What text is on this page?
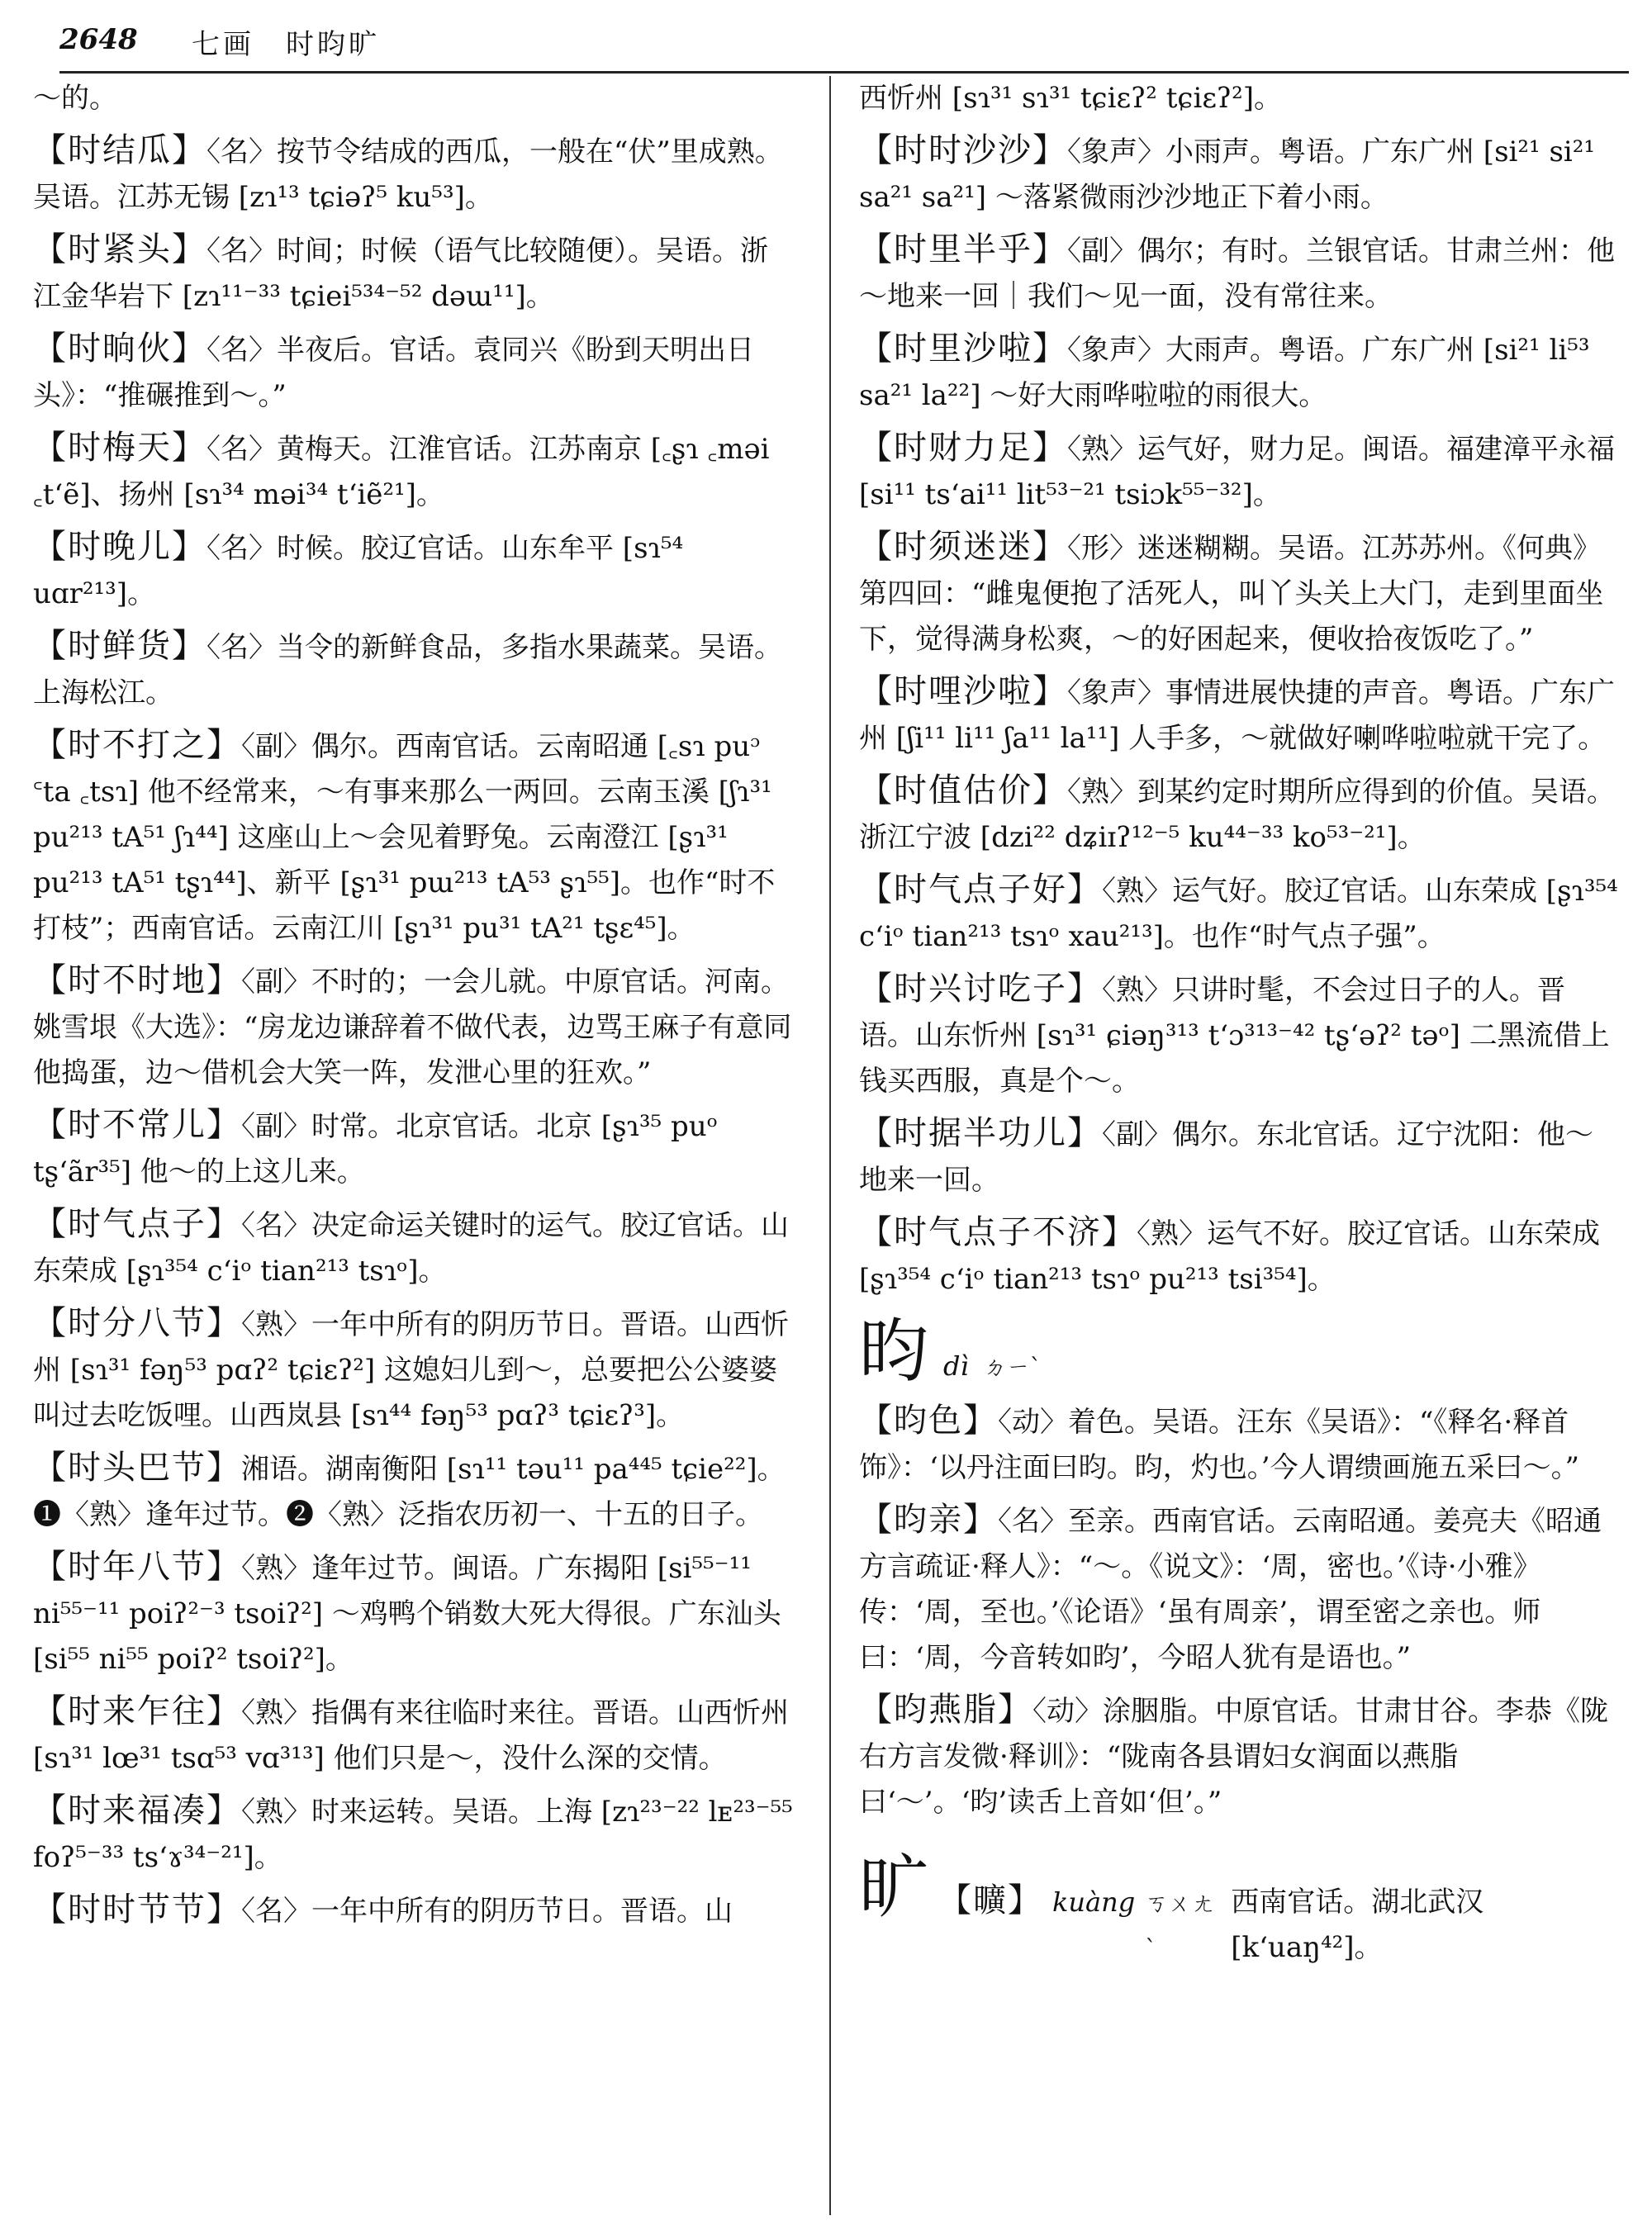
2648 七画　时昀旷
～的。
【时结瓜】〈名〉按节令结成的西瓜，一般在“伏”里成熟。吴语。江苏无锡 [zɿ¹³ tɕiəʔ⁵ ku⁵³]。
【时紧头】〈名〉时间；时候（语气比较随便）。吴语。浙江金华岩下 [zɿ¹¹⁻³³ tɕiei⁵³⁴⁻⁵² dəɯ¹¹]。
【时晌伙】〈名〉半夜后。官话。袁同兴《盼到天明出日头》：“推碾推到～。”
【时梅天】〈名〉黄梅天。江淮官话。江苏南京 [꜀ʂɿ ꜀məi ꜀tʻẽ]、扬州 [sɿ³⁴ məi³⁴ tʻiẽ²¹]。
【时晚儿】〈名〉时候。胶辽官话。山东牟平 [sɿ⁵⁴ uɑr²¹³]。
【时鲜货】〈名〉当令的新鲜食品，多指水果蔬菜。吴语。上海松江。
【时不打之】〈副〉偶尔。西南官话。云南昭通 [꜀sɿ puᵓ ꜂ta ꜀tsɿ] 他不经常来，～有事来那么一两回。云南玉溪 [ʃɿ³¹ pu²¹³ tA⁵¹ ʃɿ⁴⁴] 这座山上～会见着野兔。云南澄江 [ʂɿ³¹ pu²¹³ tA⁵¹ tʂɿ⁴⁴]、新平 [ʂɿ³¹ pɯ²¹³ tA⁵³ ʂɿ⁵⁵]。也作“时不打枝”；西南官话。云南江川 [ʂɿ³¹ pu³¹ tA²¹ tʂɛ⁴⁵]。
【时不时地】〈副〉不时的；一会儿就。中原官话。河南。姚雪垠《大选》：“房龙边谦辞着不做代表，边骂王麻子有意同他捣蛋，边～借机会大笑一阵，发泄心里的狂欢。”
【时不常儿】〈副〉时常。北京官话。北京 [ʂɿ³⁵ puᵒ tʂʻãr³⁵] 他～的上这儿来。
【时气点子】〈名〉决定命运关键时的运气。胶辽官话。山东荣成 [ʂɿ³⁵⁴ cʻiᵒ tian²¹³ tsɿᵒ]。
【时分八节】〈熟〉一年中所有的阴历节日。晋语。山西忻州 [sɿ³¹ fəŋ⁵³ pɑʔ² tɕiɛʔ²] 这媳妇儿到～，总要把公公婆婆叫过去吃饭哩。山西岚县 [sɿ⁴⁴ fəŋ⁵³ pɑʔ³ tɕiɛʔ³]。
【时头巴节】湘语。湖南衡阳 [sɿ¹¹ təu¹¹ pa⁴⁴⁵ tɕie²²]。❶〈熟〉逢年过节。❷〈熟〉泛指农历初一、十五的日子。
【时年八节】〈熟〉逢年过节。闽语。广东揭阳 [si⁵⁵⁻¹¹ ni⁵⁵⁻¹¹ poiʔ²⁻³ tsoiʔ²] ～鸡鸭个销数大死大得很。广东汕头 [si⁵⁵ ni⁵⁵ poiʔ² tsoiʔ²]。
【时来乍往】〈熟〉指偶有来往临时来往。晋语。山西忻州 [sɿ³¹ lœ³¹ tsɑ⁵³ vɑ³¹³] 他们只是～，没什么深的交情。
【时来福凑】〈熟〉时来运转。吴语。上海 [zɿ²³⁻²² lᴇ²³⁻⁵⁵ foʔ⁵⁻³³ tsʻɤ³⁴⁻²¹]。
【时时节节】〈名〉一年中所有的阴历节日。晋语。山
西忻州 [sɿ³¹ sɿ³¹ tɕiɛʔ² tɕiɛʔ²]。
【时时沙沙】〈象声〉小雨声。粤语。广东广州 [si²¹ si²¹ sa²¹ sa²¹] ～落紧微雨沙沙地正下着小雨。
【时里半乎】〈副〉偶尔；有时。兰银官话。甘肃兰州：他～地来一回｜我们～见一面，没有常往来。
【时里沙啦】〈象声〉大雨声。粤语。广东广州 [si²¹ li⁵³ sa²¹ la²²] ～好大雨哗啦啦的雨很大。
【时财力足】〈熟〉运气好，财力足。闽语。福建漳平永福 [si¹¹ tsʻai¹¹ lit⁵³⁻²¹ tsiɔk⁵⁵⁻³²]。
【时须迷迷】〈形〉迷迷糊糊。吴语。江苏苏州。《何典》第四回：“雌鬼便抱了活死人，叫丫头关上大门，走到里面坐下，觉得满身松爽，～的好困起来，便收拾夜饭吃了。”
【时哩沙啦】〈象声〉事情进展快捷的声音。粤语。广东广州 [ʃi¹¹ li¹¹ ʃa¹¹ la¹¹] 人手多，～就做好喇哗啦啦就干完了。
【时值估价】〈熟〉到某约定时期所应得到的价值。吴语。浙江宁波 [dzi²² dʑiɪʔ¹²⁻⁵ ku⁴⁴⁻³³ ko⁵³⁻²¹]。
【时气点子好】〈熟〉运气好。胶辽官话。山东荣成 [ʂɿ³⁵⁴ cʻiᵒ tian²¹³ tsɿᵒ xau²¹³]。也作“时气点子强”。
【时兴讨吃子】〈熟〉只讲时髦，不会过日子的人。晋语。山东忻州 [sɿ³¹ ɕiəŋ³¹³ tʻɔ³¹³⁻⁴² tʂʻəʔ² təᵒ] 二黑流借上钱买西服，真是个～。
【时据半功儿】〈副〉偶尔。东北官话。辽宁沈阳：他～地来一回。
【时气点子不济】〈熟〉运气不好。胶辽官话。山东荣成 [ʂɿ³⁵⁴ cʻiᵒ tian²¹³ tsɿᵒ pu²¹³ tsi³⁵⁴]。
昀 dì ㄉㄧˋ
【昀色】〈动〉着色。吴语。汪东《吴语》：“《释名·释首饰》：‘以丹注面曰昀。昀，灼也。’今人谓缋画施五采曰～。”
【昀亲】〈名〉至亲。西南官话。云南昭通。姜亮夫《昭通方言疏证·释人》：“～。《说文》：‘周，密也。’《诗·小雅》传：‘周，至也。’《论语》‘虽有周亲’，谓至密之亲也。师曰：‘周，今音转如昀’，今昭人犹有是语也。”
【昀燕脂】〈动〉涂胭脂。中原官话。甘肃甘谷。李恭《陇右方言发微·释训》：“陇南各县谓妇女润面以燕脂曰‘～’。‘昀’读舌上音如‘但’。”
旷 【曠】 kuàng ㄎㄨㄤˋ
西南官话。湖北武汉 [kʻuaŋ⁴²]。
